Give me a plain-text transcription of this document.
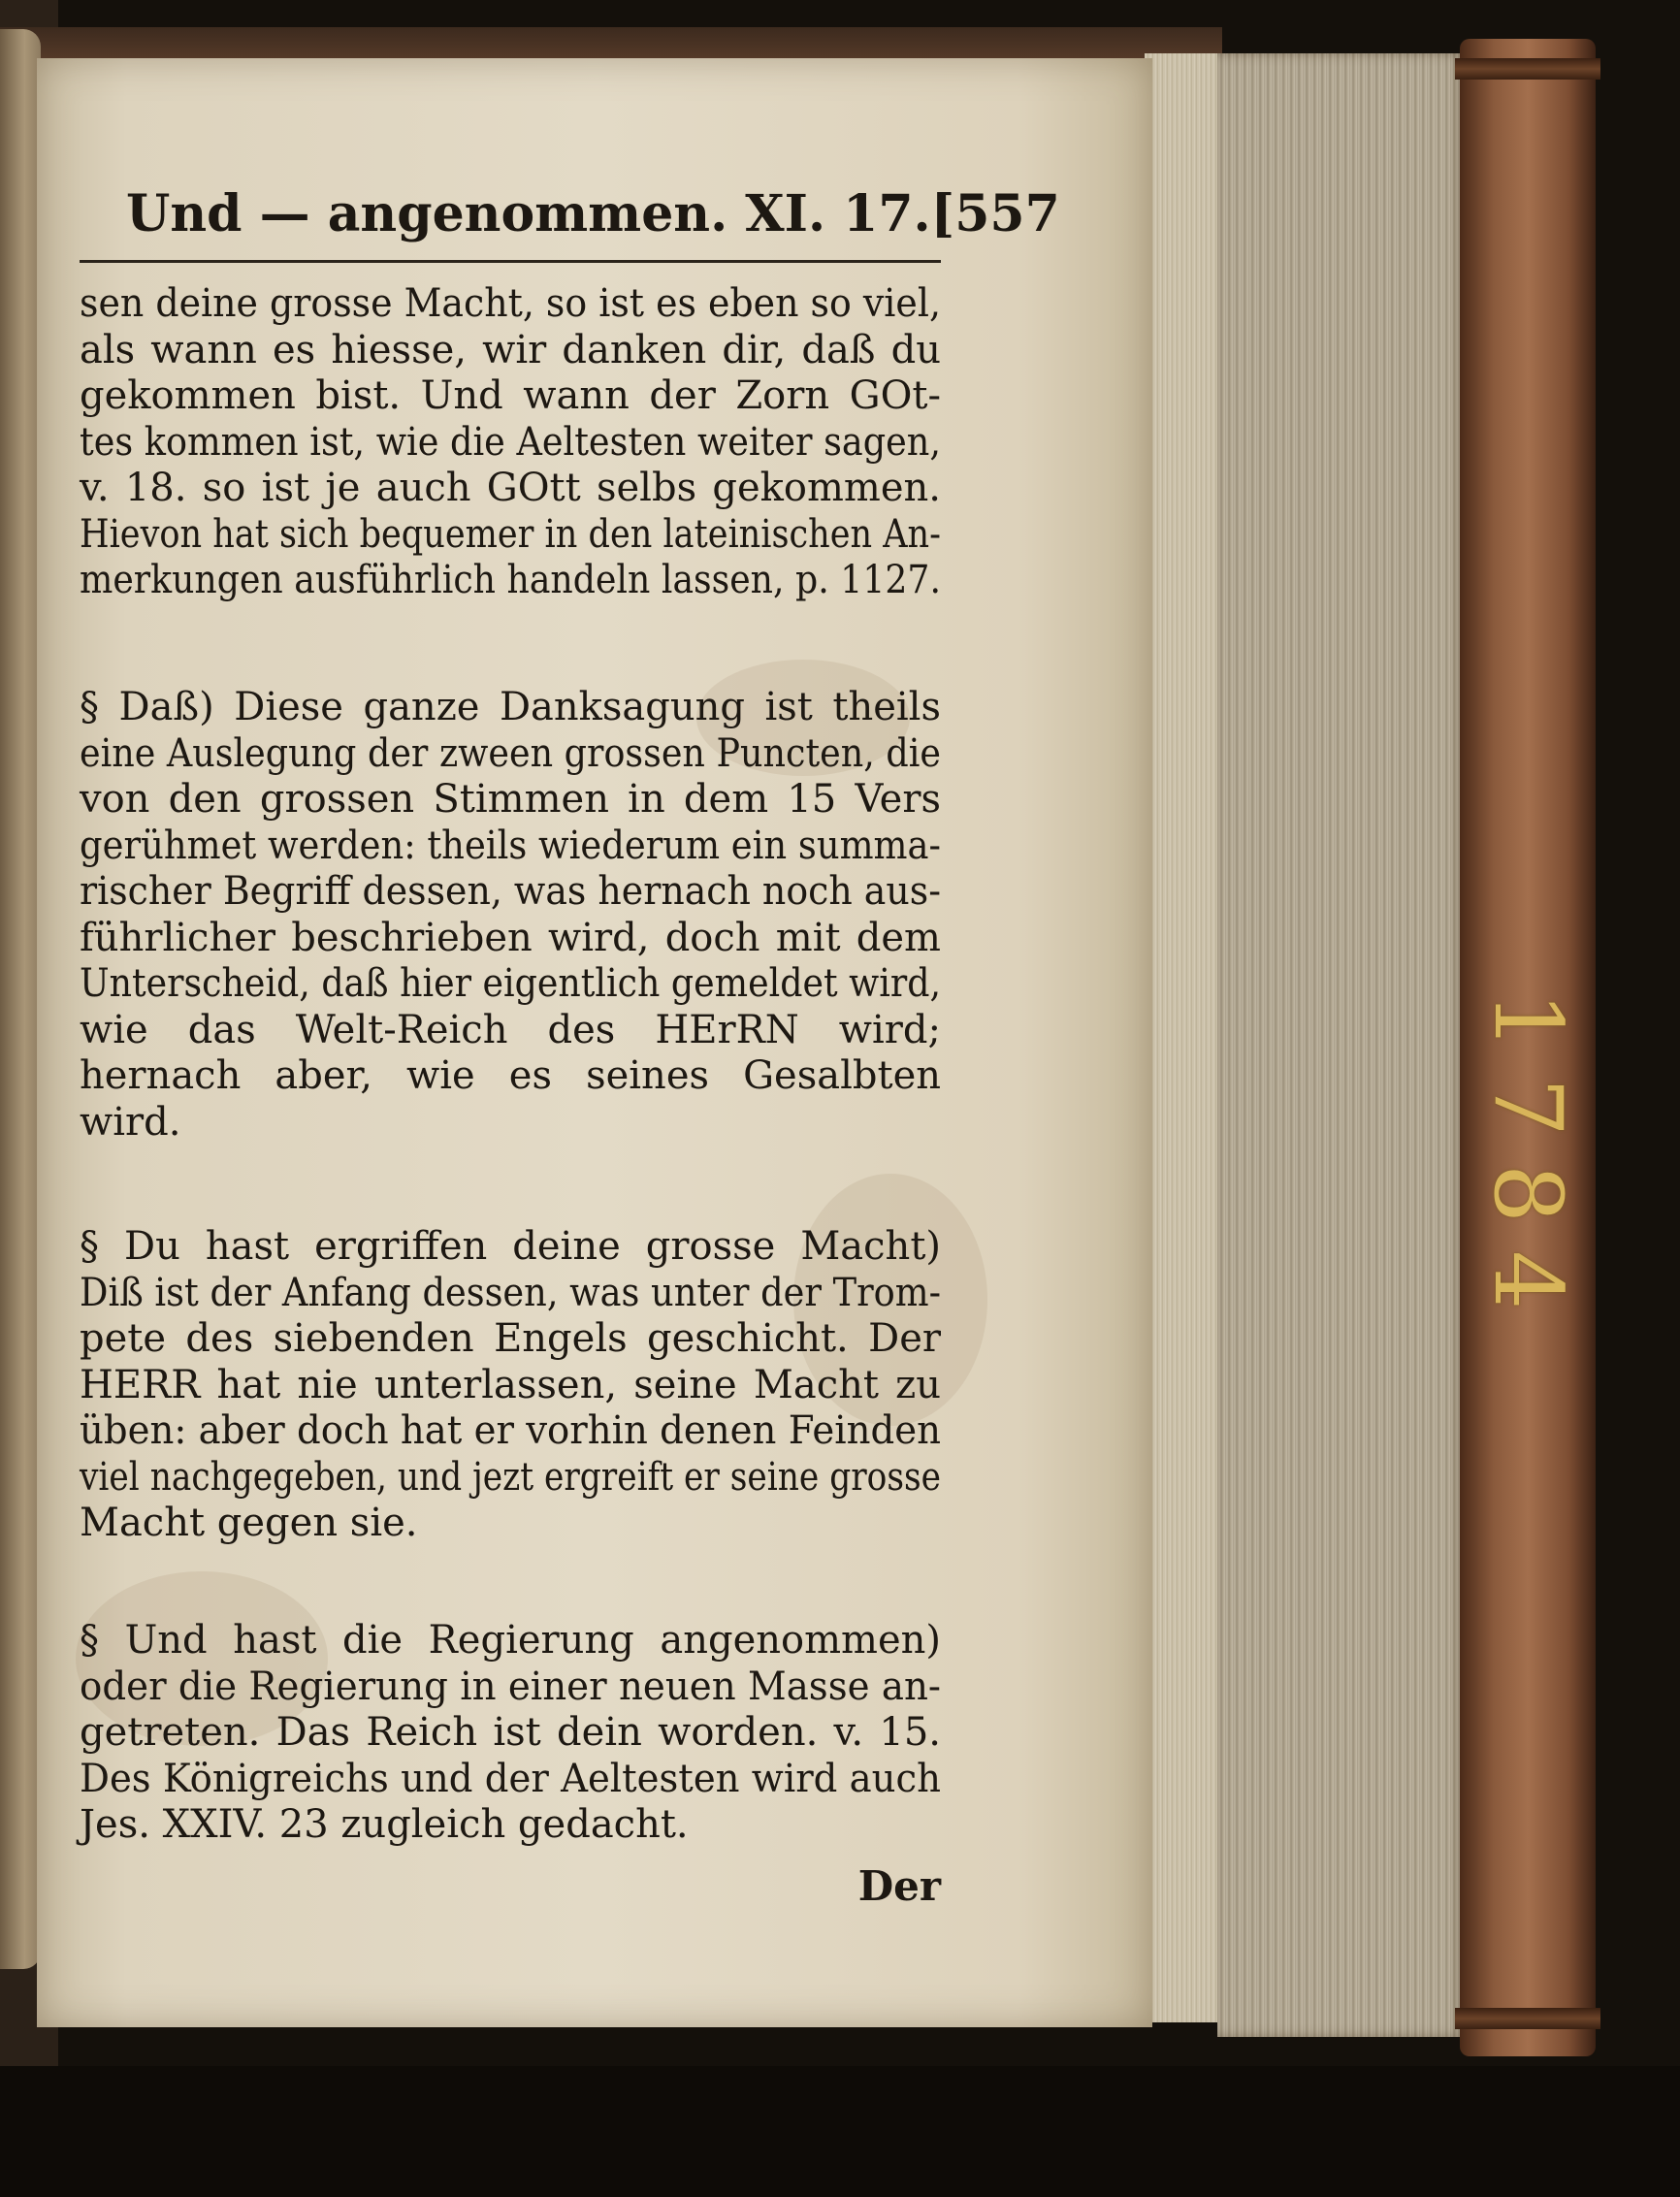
1784
Und — angenommen. XI. 17. [557
sen deine grosse Macht, so ist es eben so viel,
als wann es hiesse, wir danken dir, daß du
gekommen bist. Und wann der Zorn GOt-
tes kommen ist, wie die Aeltesten weiter sagen,
v. 18. so ist je auch GOtt selbs gekommen.
Hievon hat sich bequemer in den lateinischen An-
merkungen ausführlich handeln lassen, p. 1127.
§ Daß) Diese ganze Danksagung ist theils
eine Auslegung der zween grossen Puncten, die
von den grossen Stimmen in dem 15 Vers
gerühmet werden: theils wiederum ein summa-
rischer Begriff dessen, was hernach noch aus-
führlicher beschrieben wird, doch mit dem
Unterscheid, daß hier eigentlich gemeldet wird,
wie das Welt-Reich des HErRN wird;
hernach aber, wie es seines Gesalbten
wird.
§ Du hast ergriffen deine grosse Macht)
Diß ist der Anfang dessen, was unter der Trom-
pete des siebenden Engels geschicht. Der
HERR hat nie unterlassen, seine Macht zu
üben: aber doch hat er vorhin denen Feinden
viel nachgegeben, und jezt ergreift er seine grosse
Macht gegen sie.
§ Und hast die Regierung angenommen)
oder die Regierung in einer neuen Masse an-
getreten. Das Reich ist dein worden. v. 15.
Des Königreichs und der Aeltesten wird auch
Jes. XXIV. 23 zugleich gedacht.
Der
